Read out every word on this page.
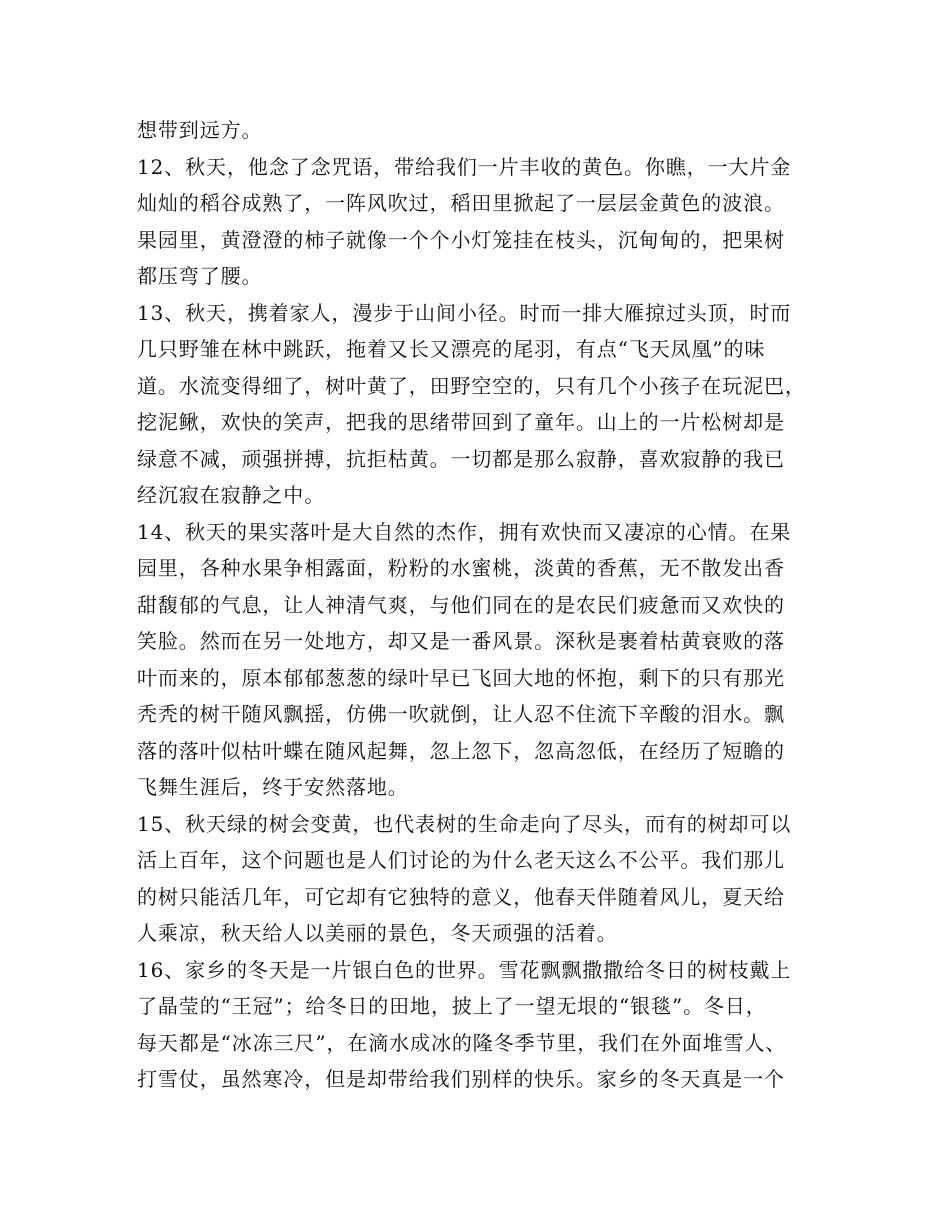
想带到远方。
12、秋天，他念了念咒语，带给我们一片丰收的黄色。你瞧，一大片金
灿灿的稻谷成熟了，一阵风吹过，稻田里掀起了一层层金黄色的波浪。
果园里，黄澄澄的柿子就像一个个小灯笼挂在枝头，沉甸甸的，把果树
都压弯了腰。
13、秋天，携着家人，漫步于山间小径。时而一排大雁掠过头顶，时而
几只野雏在林中跳跃，拖着又长又漂亮的尾羽，有点“飞天凤凰”的味
道。水流变得细了，树叶黄了，田野空空的，只有几个小孩子在玩泥巴，
挖泥鳅，欢快的笑声，把我的思绪带回到了童年。山上的一片松树却是
绿意不减，顽强拼搏，抗拒枯黄。一切都是那么寂静，喜欢寂静的我已
经沉寂在寂静之中。
14、秋天的果实落叶是大自然的杰作，拥有欢快而又凄凉的心情。在果
园里，各种水果争相露面，粉粉的水蜜桃，淡黄的香蕉，无不散发出香
甜馥郁的气息，让人神清气爽，与他们同在的是农民们疲惫而又欢快的
笑脸。然而在另一处地方，却又是一番风景。深秋是裹着枯黄衰败的落
叶而来的，原本郁郁葱葱的绿叶早已飞回大地的怀抱，剩下的只有那光
秃秃的树干随风飘摇，仿佛一吹就倒，让人忍不住流下辛酸的泪水。飘
落的落叶似枯叶蝶在随风起舞，忽上忽下，忽高忽低，在经历了短瞻的
飞舞生涯后，终于安然落地。
15、秋天绿的树会变黄，也代表树的生命走向了尽头，而有的树却可以
活上百年，这个问题也是人们讨论的为什么老天这么不公平。我们那儿
的树只能活几年，可它却有它独特的意义，他春天伴随着风儿，夏天给
人乘凉，秋天给人以美丽的景色，冬天顽强的活着。
16、家乡的冬天是一片银白色的世界。雪花飘飘撒撒给冬日的树枝戴上
了晶莹的“王冠”；给冬日的田地，披上了一望无垠的“银毯”。冬日，
每天都是“冰冻三尺”，在滴水成冰的隆冬季节里，我们在外面堆雪人、
打雪仗，虽然寒冷，但是却带给我们别样的快乐。家乡的冬天真是一个
